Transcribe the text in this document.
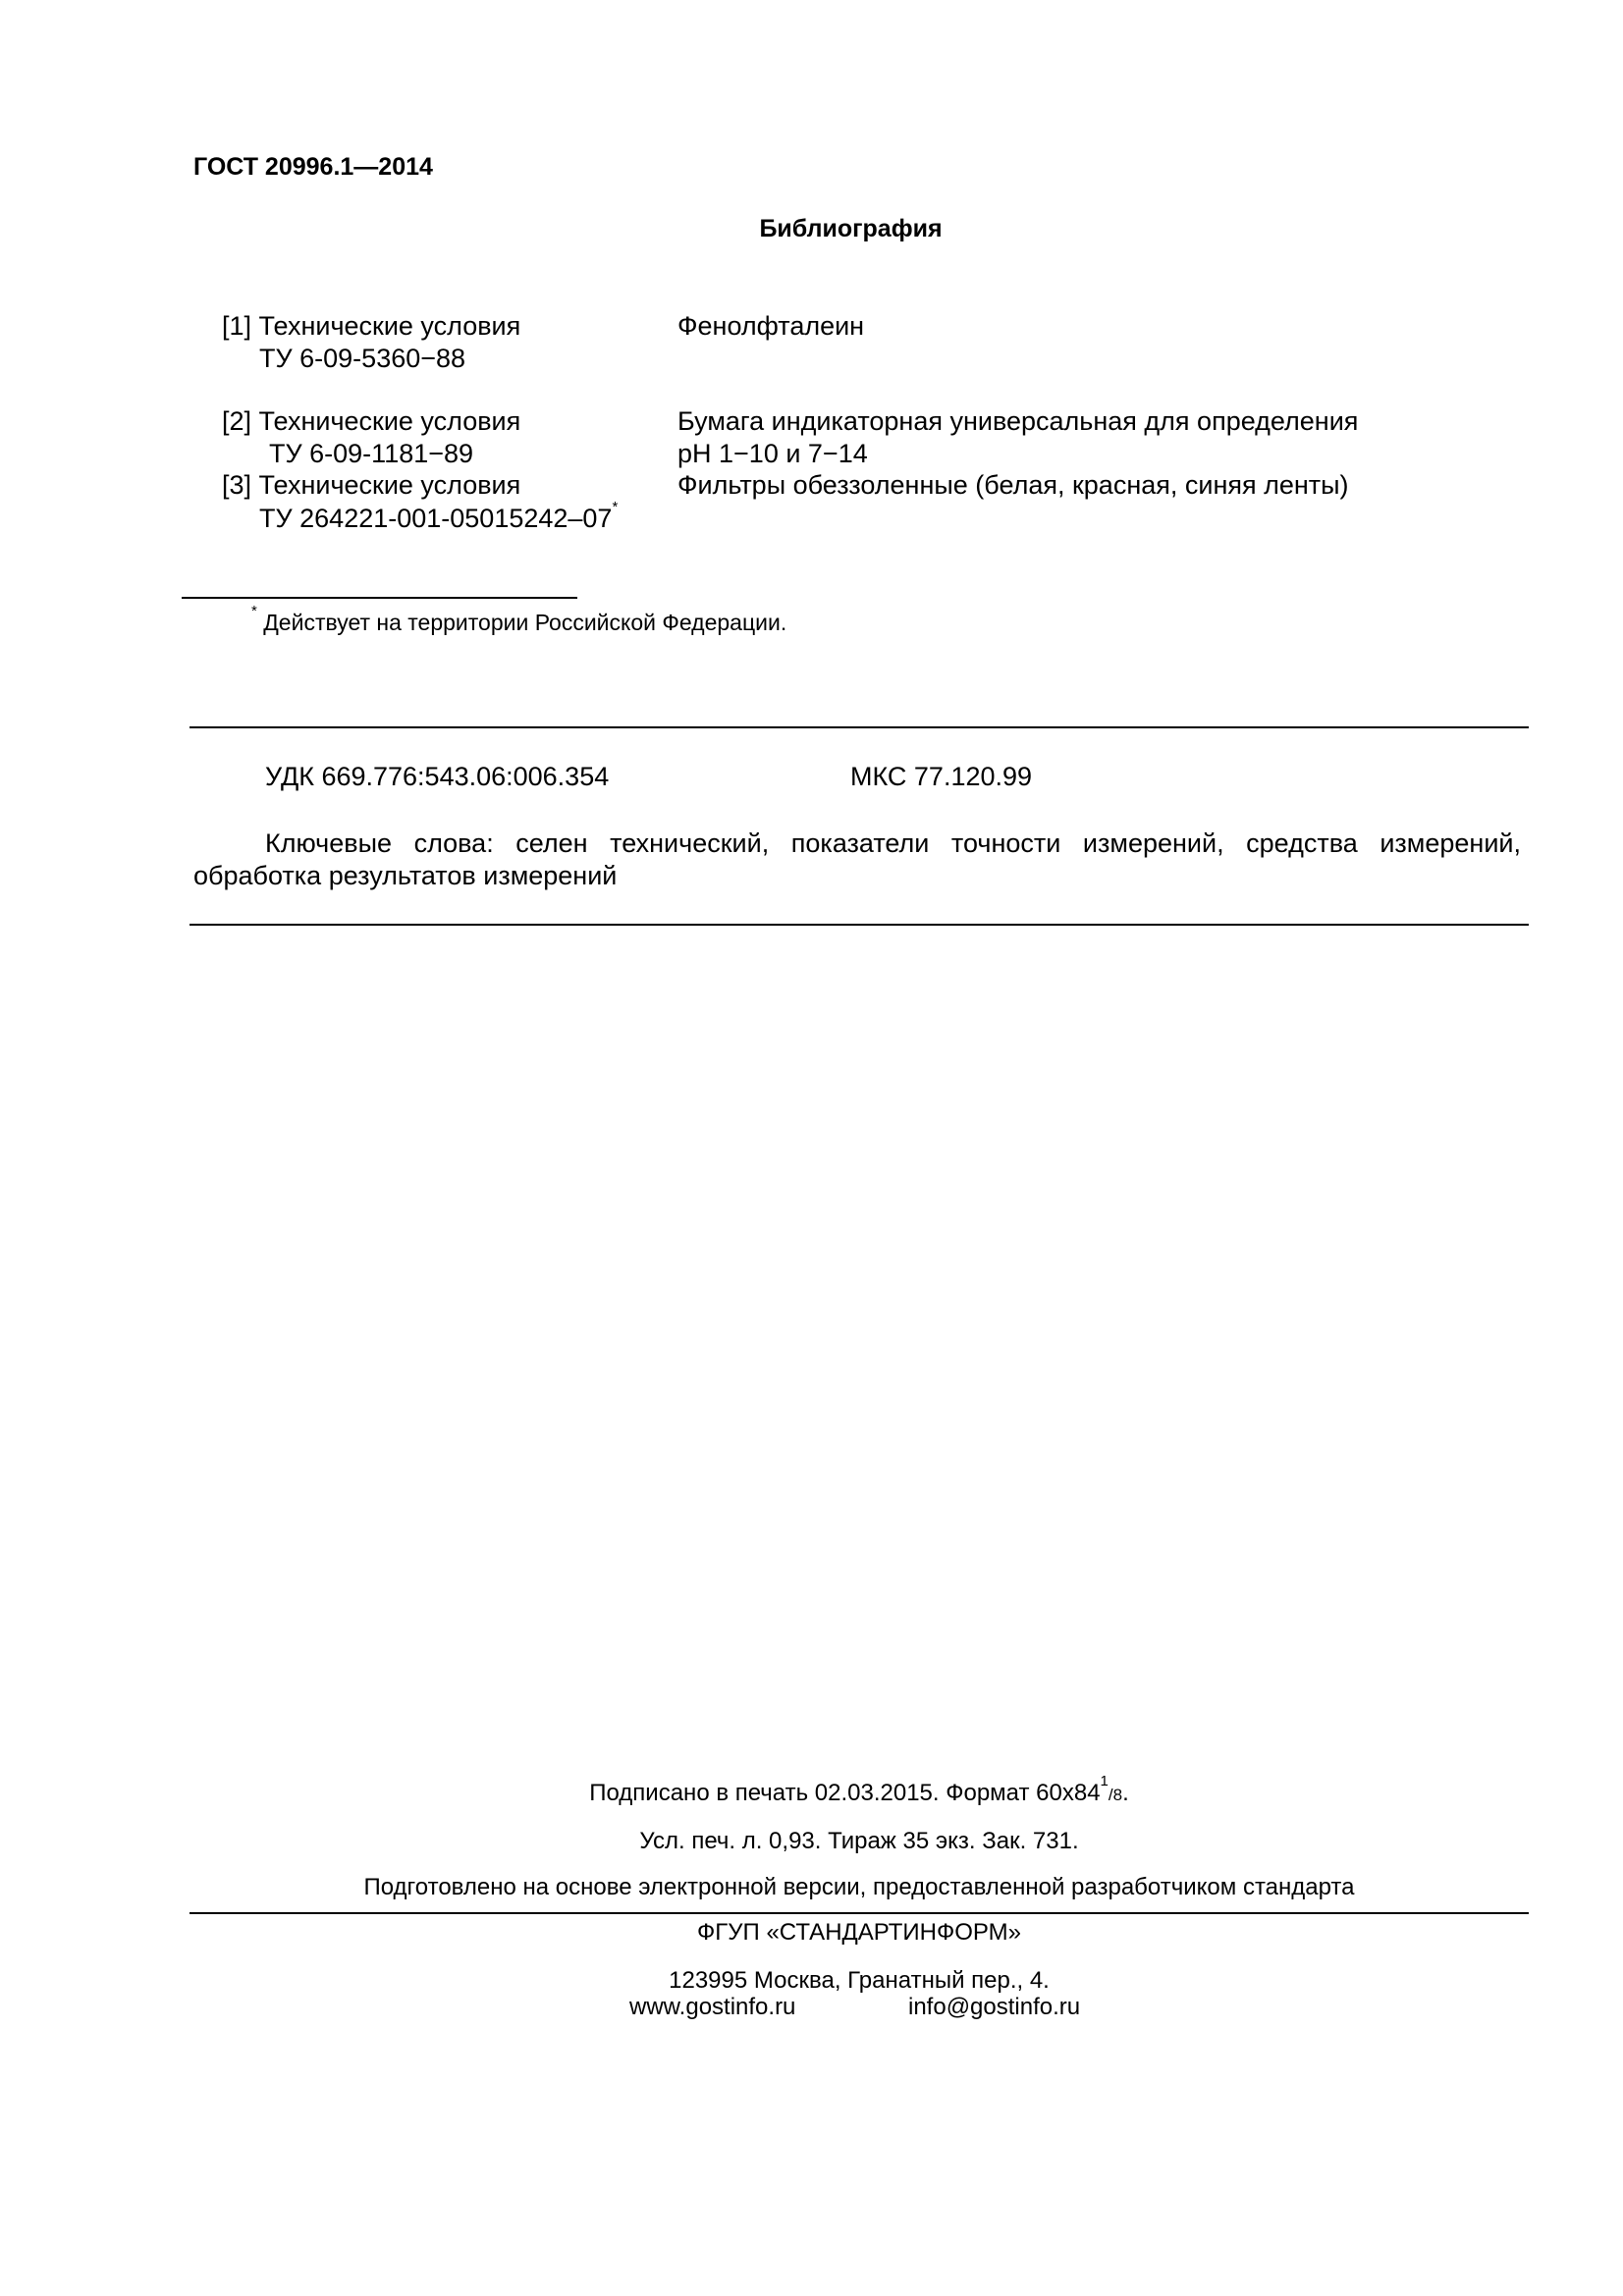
ГОСТ 20996.1—2014
Библиография
[1] Технические условия
ТУ 6-09-5360−88
Фенолфталеин
[2] Технические условия
ТУ 6-09-1181−89
Бумага индикаторная универсальная для определения
рН 1−10 и 7−14
[3] Технические условия
ТУ 264221-001-05015242–07*
Фильтры обеззоленные (белая, красная, синяя ленты)
* Действует на территории Российской Федерации.
УДК 669.776:543.06:006.354	МКС 77.120.99
Ключевые слова: селен технический, показатели точности измерений, средства измерений, обработка результатов измерений
Подписано в печать 02.03.2015. Формат $60x84^1/8$.
Усл. печ. л. 0,93. Тираж 35 экз. Зак. 731.
Подготовлено на основе электронной версии, предоставленной разработчиком стандарта
ФГУП «СТАНДАРТИНФОРМ»
123995 Москва, Гранатный пер., 4.
www.gostinfo.ru	info@gostinfo.ru
